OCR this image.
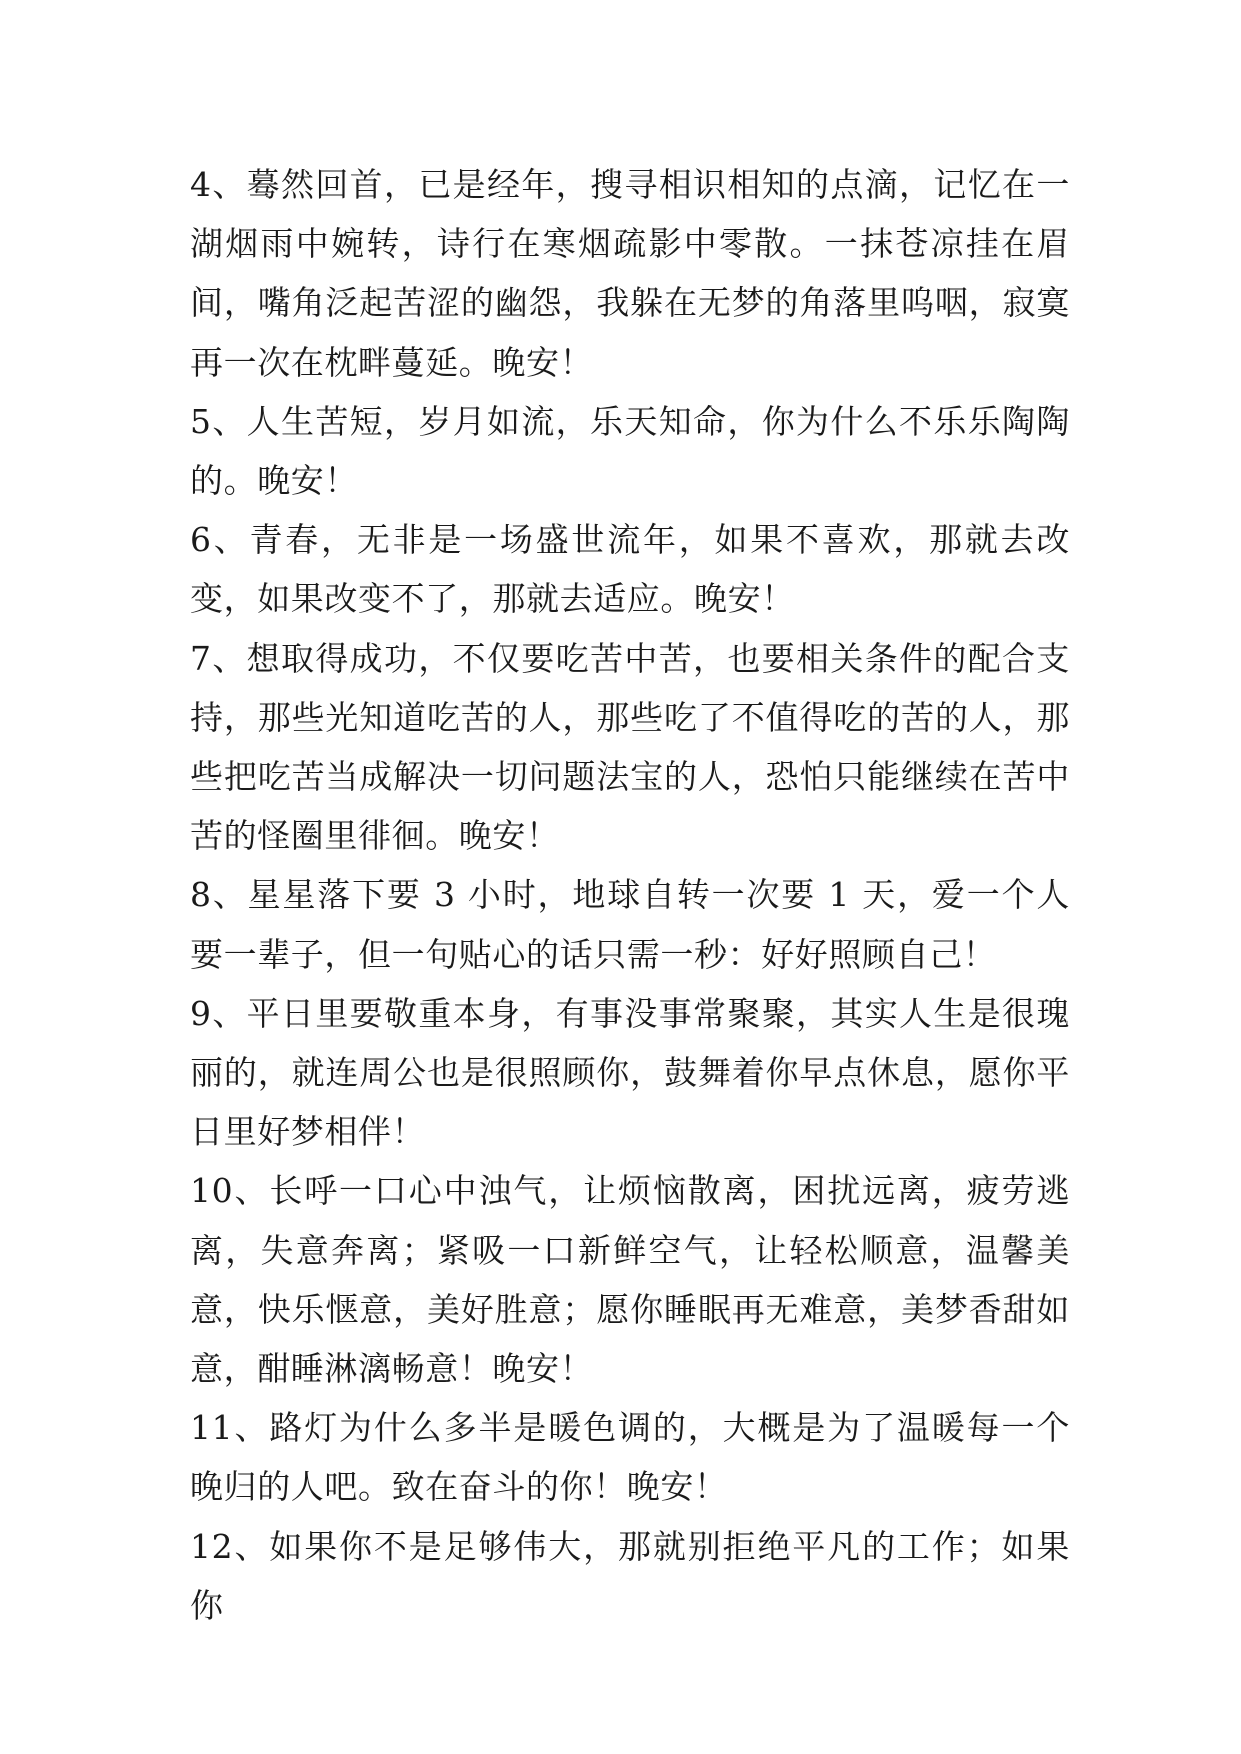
4、蓦然回首，已是经年，搜寻相识相知的点滴，记忆在一湖烟雨中婉转，诗行在寒烟疏影中零散。一抹苍凉挂在眉间，嘴角泛起苦涩的幽怨，我躲在无梦的角落里呜咽，寂寞再一次在枕畔蔓延。晚安！

5、人生苦短，岁月如流，乐天知命，你为什么不乐乐陶陶的。晚安！

6、青春，无非是一场盛世流年，如果不喜欢，那就去改变，如果改变不了，那就去适应。晚安！

7、想取得成功，不仅要吃苦中苦，也要相关条件的配合支持，那些光知道吃苦的人，那些吃了不值得吃的苦的人，那些把吃苦当成解决一切问题法宝的人，恐怕只能继续在苦中苦的怪圈里徘徊。晚安！

8、星星落下要 3 小时，地球自转一次要 1 天，爱一个人要一辈子，但一句贴心的话只需一秒：好好照顾自己！

9、平日里要敬重本身，有事没事常聚聚，其实人生是很瑰丽的，就连周公也是很照顾你，鼓舞着你早点休息，愿你平日里好梦相伴！

10、长呼一口心中浊气，让烦恼散离，困扰远离，疲劳逃离，失意奔离；紧吸一口新鲜空气，让轻松顺意，温馨美意，快乐惬意，美好胜意；愿你睡眠再无难意，美梦香甜如意，酣睡淋漓畅意！晚安！

11、路灯为什么多半是暖色调的，大概是为了温暖每一个晚归的人吧。致在奋斗的你！晚安！

12、如果你不是足够伟大，那就别拒绝平凡的工作；如果你
